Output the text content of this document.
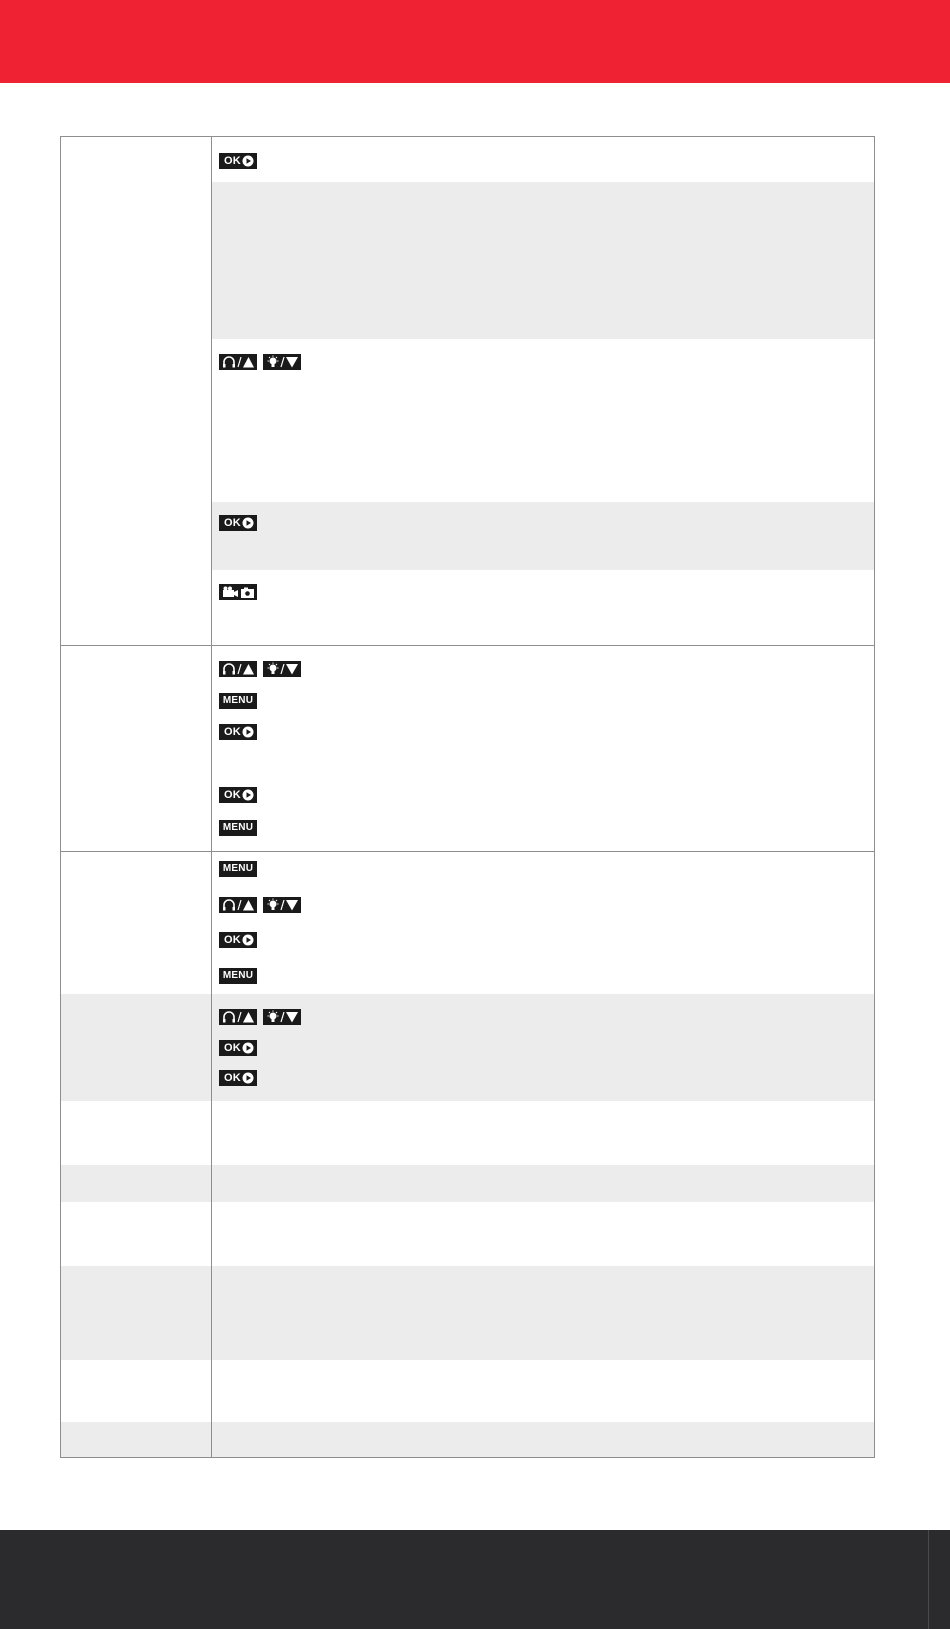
OK
OK
MENU
OK
OK
MENU
MENU
OK
MENU
OK
OK
